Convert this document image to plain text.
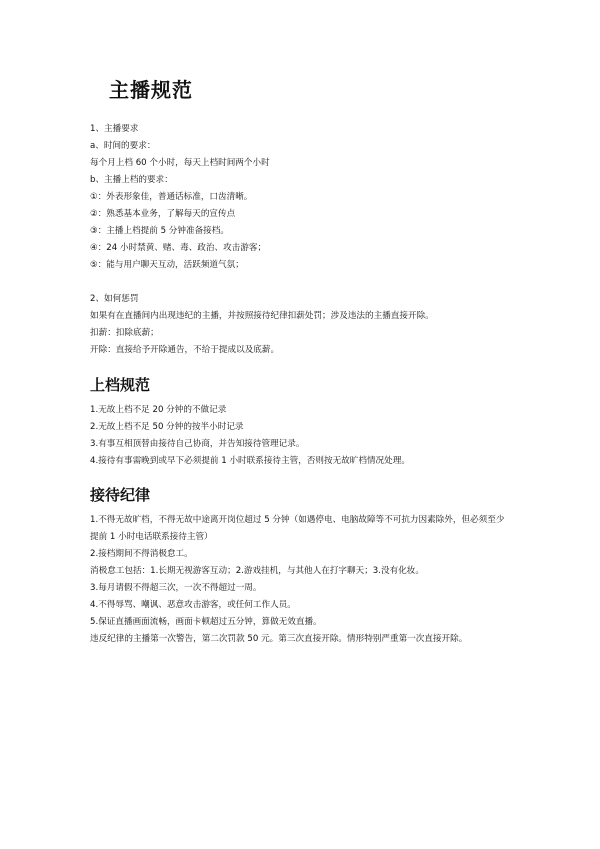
主播规范

1、主播要求

a、时间的要求：

每个月上档 60 个小时，每天上档时间两个小时

b、主播上档的要求：

①：外表形象佳，普通话标准，口齿清晰。

②：熟悉基本业务，了解每天的宣传点

③：主播上档提前 5 分钟准备接档。

④：24 小时禁黄、赌、毒、政治、攻击游客；

⑤：能与用户聊天互动，活跃频道气氛；

2、如何惩罚

如果有在直播间内出现违纪的主播，并按照接待纪律扣薪处罚；涉及违法的主播直接开除。

扣薪：扣除底薪；

开除：直接给予开除通告，不给于提成以及底薪。

上档规范

1.无故上档不足 20 分钟的不做记录

2.无故上档不足 50 分钟的按半小时记录

3.有事互相顶替由接待自己协商，并告知接待管理记录。

4.接待有事需晚到或早下必须提前 1 小时联系接待主管，否则按无故旷档情况处理。

接待纪律

1.不得无故旷档，不得无故中途离开岗位超过 5 分钟（如遇停电、电脑故障等不可抗力因素除外，但必须至少提前 1 小时电话联系接待主管）

2.接档期间不得消极怠工。

消极怠工包括：1.长期无视游客互动；2.游戏挂机，与其他人在打字聊天；3.没有化妆。

3.每月请假不得超三次，一次不得超过一周。

4.不得辱骂、嘲讽、恶意攻击游客，或任何工作人员。

5.保证直播画面流畅，画面卡顿超过五分钟，算做无效直播。

违反纪律的主播第一次警告，第二次罚款 50 元。第三次直接开除。情形特别严重第一次直接开除。
